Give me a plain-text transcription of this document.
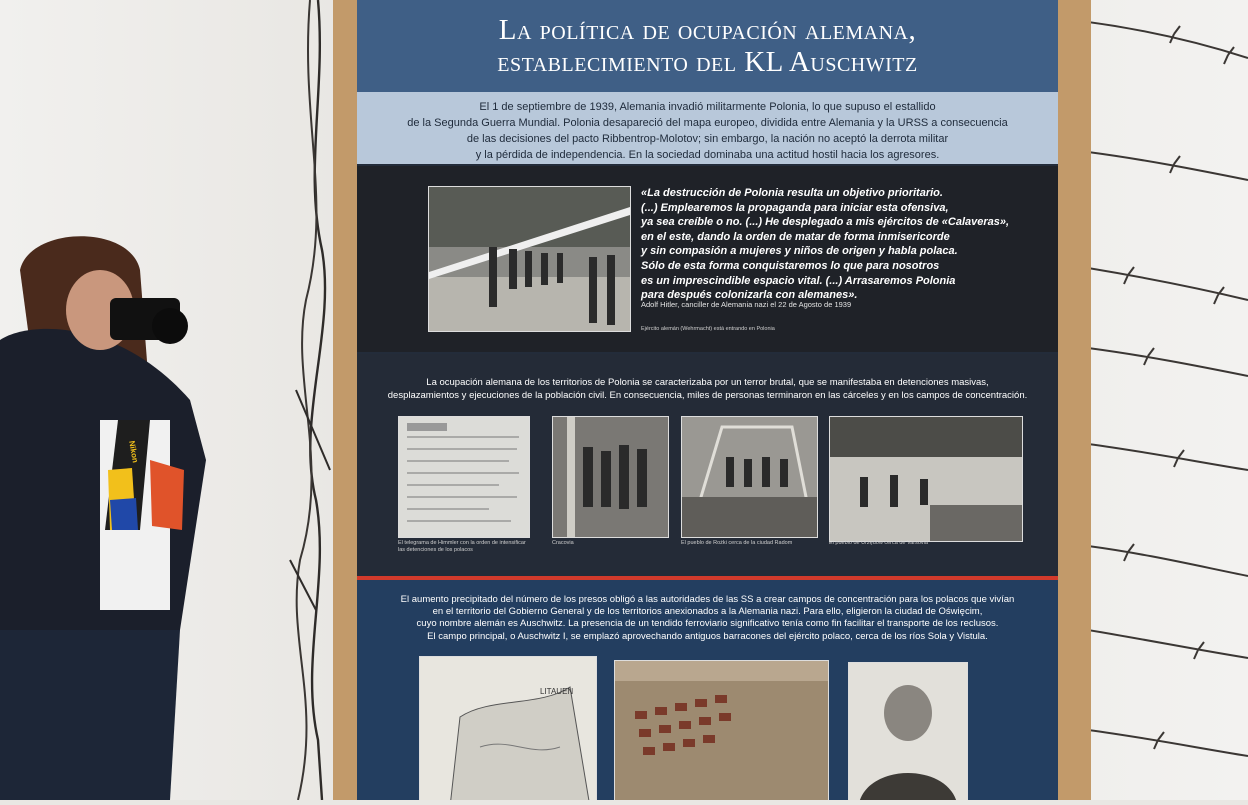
La política de ocupación alemana,
establecimiento del KL Auschwitz
El 1 de septiembre de 1939, Alemania invadió militarmente Polonia, lo que supuso el estallido
de la Segunda Guerra Mundial. Polonia desapareció del mapa europeo, dividida entre Alemania y la URSS a consecuencia
de las decisiones del pacto Ribbentrop-Molotov; sin embargo, la nación no aceptó la derrota militar
y la pérdida de independencia. En la sociedad dominaba una actitud hostil hacia los agresores.
«La destrucción de Polonia resulta un objetivo prioritario.
(...) Emplearemos la propaganda para iniciar esta ofensiva,
ya sea creíble o no. (...) He desplegado a mis ejércitos de «Calaveras»,
en el este, dando la orden de matar de forma inmisericorde
y sin compasión a mujeres y niños de origen y habla polaca.
Sólo de esta forma conquistaremos lo que para nosotros
es un imprescindible espacio vital. (...) Arrasaremos Polonia
para después colonizarla con alemanes».
Adolf Hitler, canciller de Alemania nazi el 22 de Agosto de 1939
Ejército alemán (Wehrmacht) está entrando en Polonia
La ocupación alemana de los territorios de Polonia se caracterizaba por un terror brutal, que se manifestaba en detenciones masivas,
desplazamientos y ejecuciones de la población civil. En consecuencia, miles de personas terminaron en las cárceles y en los campos de concentración.
El telegrama de Himmler con la orden de intensificar las detenciones de los polacos
Cracovia	El pueblo de Rożki cerca de la ciudad Radom	El pueblo de Urzędów cerca de Varsovia
El aumento precipitado del número de los presos obligó a las autoridades de las SS a crear campos de concentración para los polacos que vivían
en el territorio del Gobierno General y de los territorios anexionados a la Alemania nazi. Para ello, eligieron la ciudad de Oświęcim,
cuyo nombre alemán es Auschwitz. La presencia de un tendido ferroviario significativo tenía como fin facilitar el transporte de los reclusos.
El campo principal, o Auschwitz I, se emplazó aprovechando antiguos barracones del ejército polaco, cerca de los ríos Sola y Vistula.
LITAUEN
Nikon
